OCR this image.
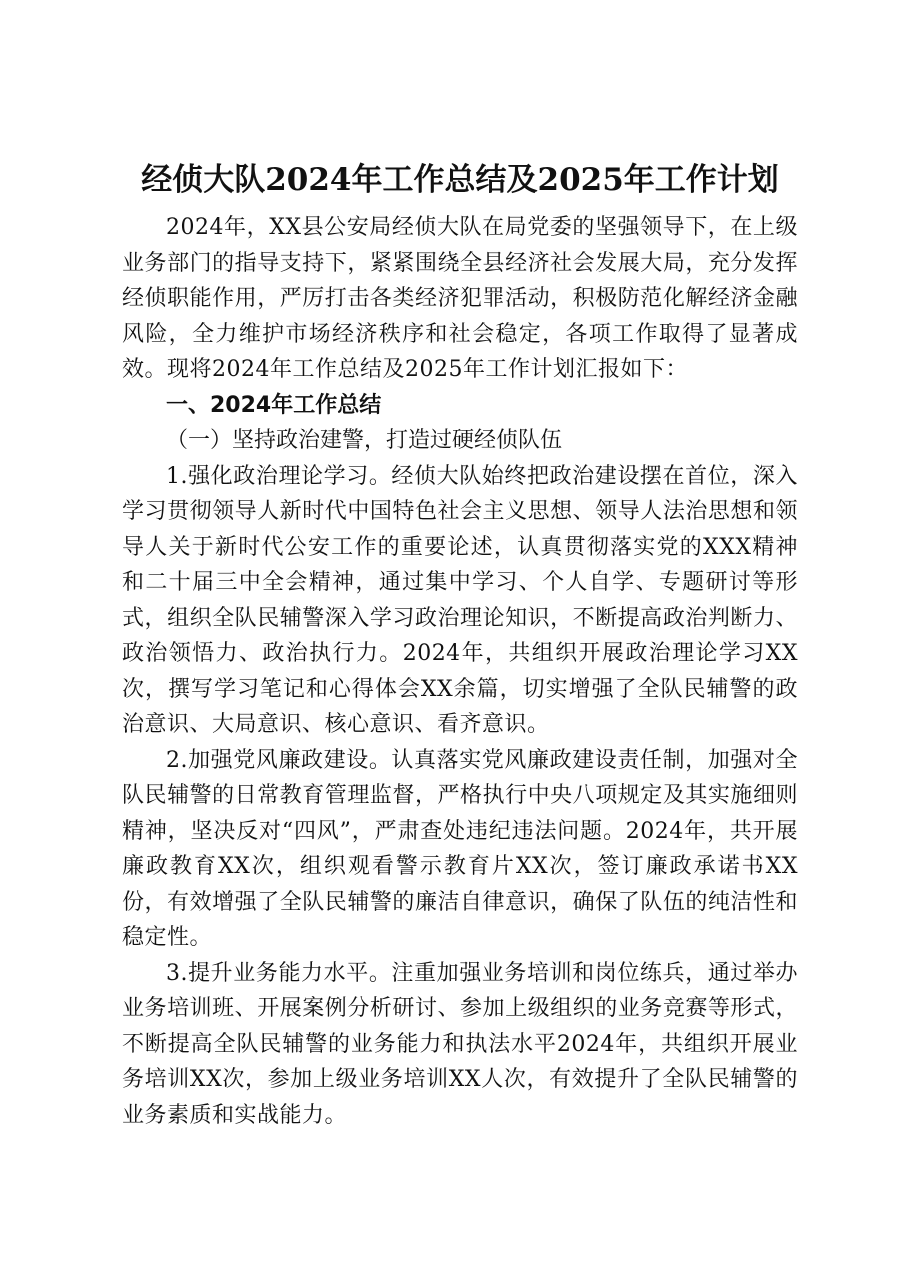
经侦大队2024年工作总结及2025年工作计划

2024年，XX县公安局经侦大队在局党委的坚强领导下，在上级业务部门的指导支持下，紧紧围绕全县经济社会发展大局，充分发挥经侦职能作用，严厉打击各类经济犯罪活动，积极防范化解经济金融风险，全力维护市场经济秩序和社会稳定，各项工作取得了显著成效。现将2024年工作总结及2025年工作计划汇报如下：

一、2024年工作总结
（一）坚持政治建警，打造过硬经侦队伍

1.强化政治理论学习。经侦大队始终把政治建设摆在首位，深入学习贯彻领导人新时代中国特色社会主义思想、领导人法治思想和领导人关于新时代公安工作的重要论述，认真贯彻落实党的XXX精神和二十届三中全会精神，通过集中学习、个人自学、专题研讨等形式，组织全队民辅警深入学习政治理论知识，不断提高政治判断力、政治领悟力、政治执行力。2024年，共组织开展政治理论学习XX次，撰写学习笔记和心得体会XX余篇，切实增强了全队民辅警的政治意识、大局意识、核心意识、看齐意识。

2.加强党风廉政建设。认真落实党风廉政建设责任制，加强对全队民辅警的日常教育管理监督，严格执行中央八项规定及其实施细则精神，坚决反对“四风”，严肃查处违纪违法问题。2024年，共开展廉政教育XX次，组织观看警示教育片XX次，签订廉政承诺书XX份，有效增强了全队民辅警的廉洁自律意识，确保了队伍的纯洁性和稳定性。

3.提升业务能力水平。注重加强业务培训和岗位练兵，通过举办业务培训班、开展案例分析研讨、参加上级组织的业务竞赛等形式，不断提高全队民辅警的业务能力和执法水平2024年，共组织开展业务培训XX次，参加上级业务培训XX人次，有效提升了全队民辅警的业务素质和实战能力。
